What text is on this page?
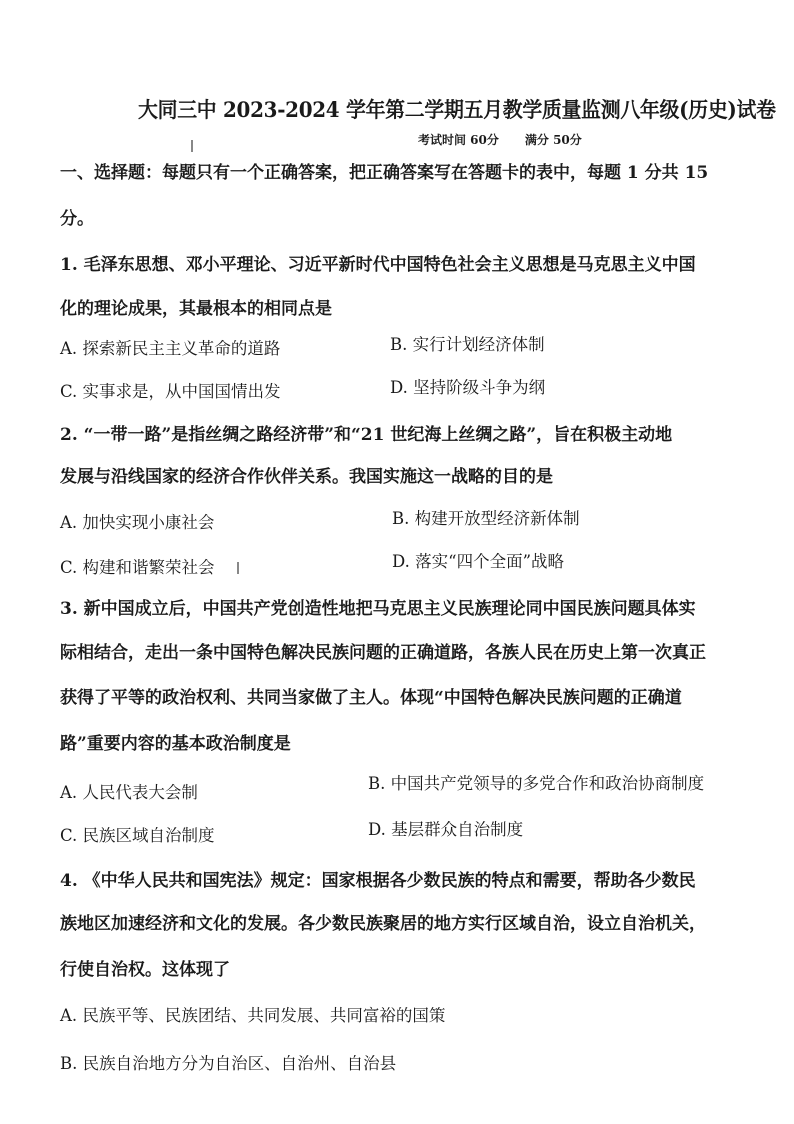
大同三中 2023-2024 学年第二学期五月教学质量监测八年级(历史)试卷
考试时间 60分 满分 50分
一、选择题：每题只有一个正确答案，把正确答案写在答题卡的表中，每题 1 分共 15
分。
1. 毛泽东思想、邓小平理论、习近平新时代中国特色社会主义思想是马克思主义中国
化的理论成果，其最根本的相同点是
A. 探索新民主主义革命的道路	B. 实行计划经济体制
C. 实事求是，从中国国情出发	D. 坚持阶级斗争为纲
2. “一带一路”是指丝绸之路经济带”和“21 世纪海上丝绸之路”，旨在积极主动地
发展与沿线国家的经济合作伙伴关系。我国实施这一战略的目的是
A. 加快实现小康社会	B. 构建开放型经济新体制
C. 构建和谐繁荣社会	D. 落实“四个全面”战略
3. 新中国成立后，中国共产党创造性地把马克思主义民族理论同中国民族问题具体实
际相结合，走出一条中国特色解决民族问题的正确道路，各族人民在历史上第一次真正
获得了平等的政治权利、共同当家做了主人。体现“中国特色解决民族问题的正确道
路”重要内容的基本政治制度是
A. 人民代表大会制	B. 中国共产党领导的多党合作和政治协商制度
C. 民族区域自治制度	D. 基层群众自治制度
4. 《中华人民共和国宪法》规定：国家根据各少数民族的特点和需要，帮助各少数民
族地区加速经济和文化的发展。各少数民族聚居的地方实行区域自治，设立自治机关，
行使自治权。这体现了
A. 民族平等、民族团结、共同发展、共同富裕的国策
B. 民族自治地方分为自治区、自治州、自治县
